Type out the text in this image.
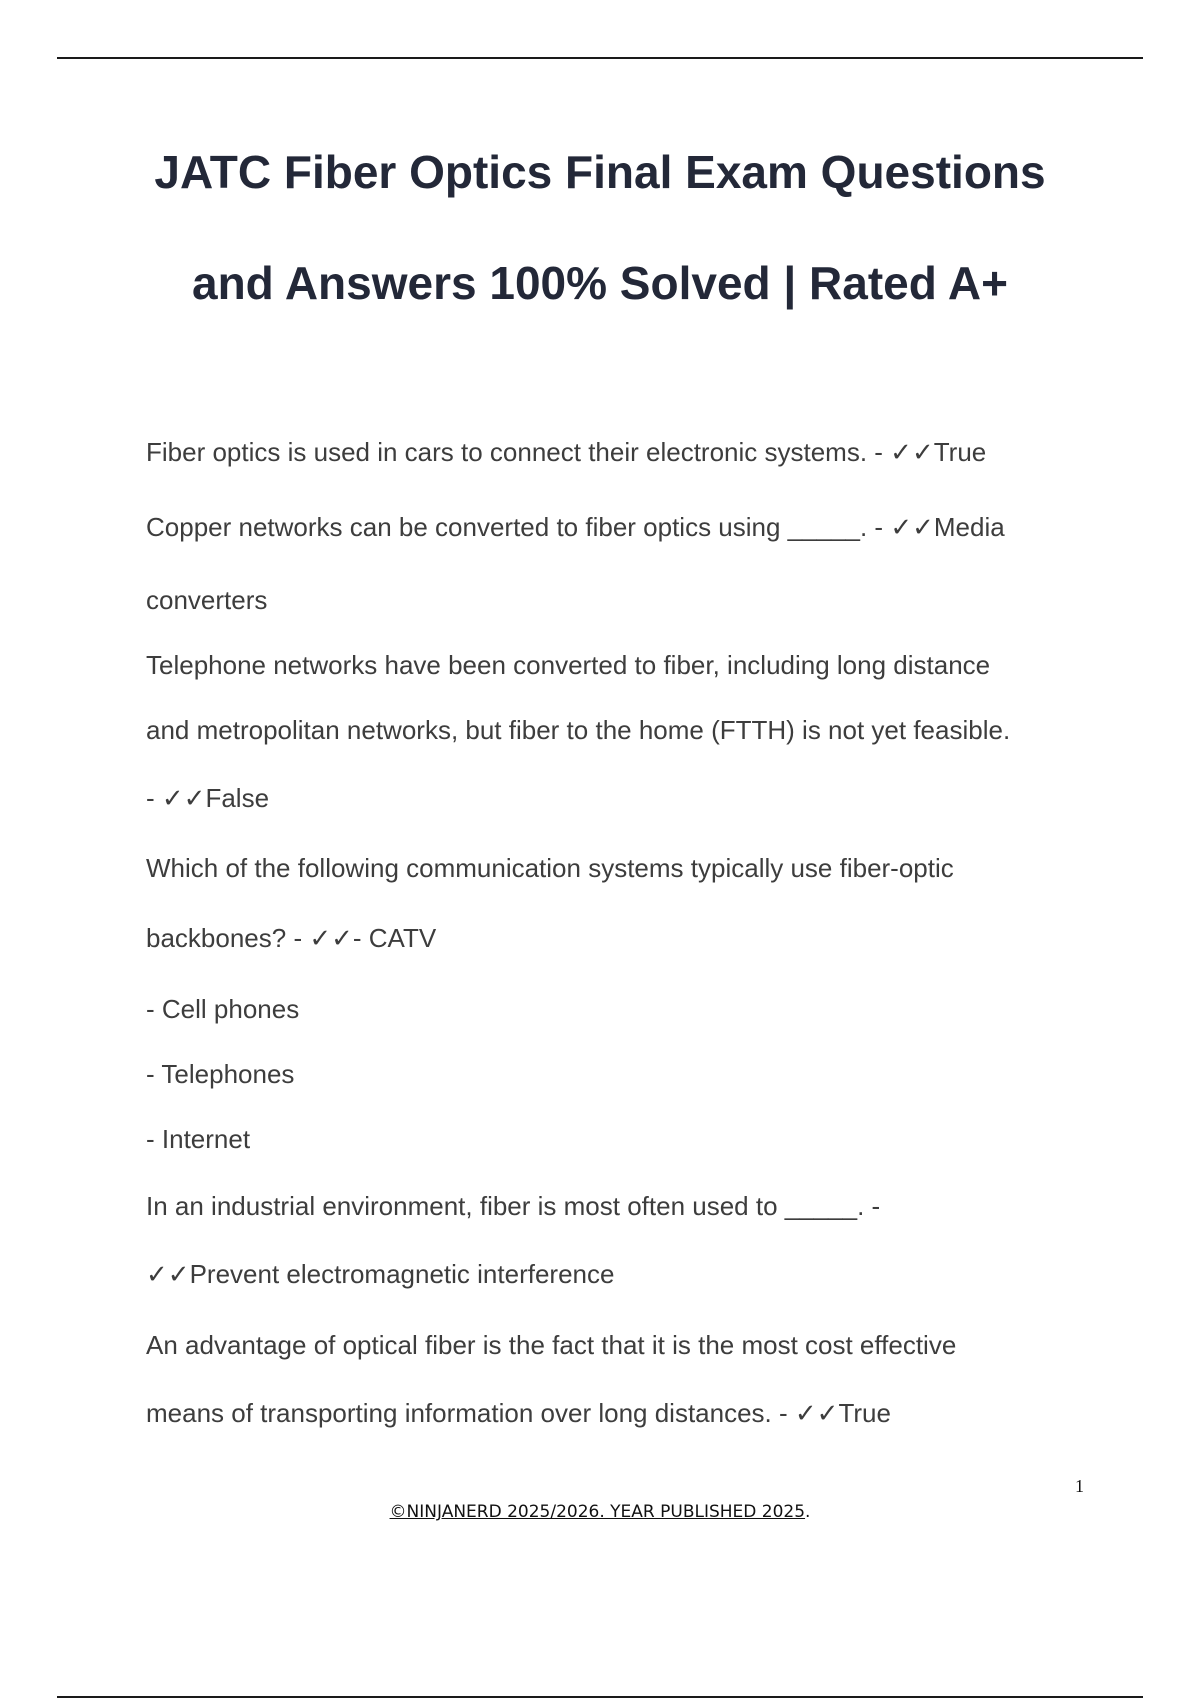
JATC Fiber Optics Final Exam Questions
and Answers 100% Solved | Rated A+
Fiber optics is used in cars to connect their electronic systems. - ✓✓True
Copper networks can be converted to fiber optics using _____. - ✓✓Media
converters
Telephone networks have been converted to fiber, including long distance
and metropolitan networks, but fiber to the home (FTTH) is not yet feasible.
- ✓✓False
Which of the following communication systems typically use fiber-optic
backbones? - ✓✓- CATV
- Cell phones
- Telephones
- Internet
In an industrial environment, fiber is most often used to _____. -
✓✓Prevent electromagnetic interference
An advantage of optical fiber is the fact that it is the most cost effective
means of transporting information over long distances. - ✓✓True
1
©NINJANERD 2025/2026. YEAR PUBLISHED 2025.
